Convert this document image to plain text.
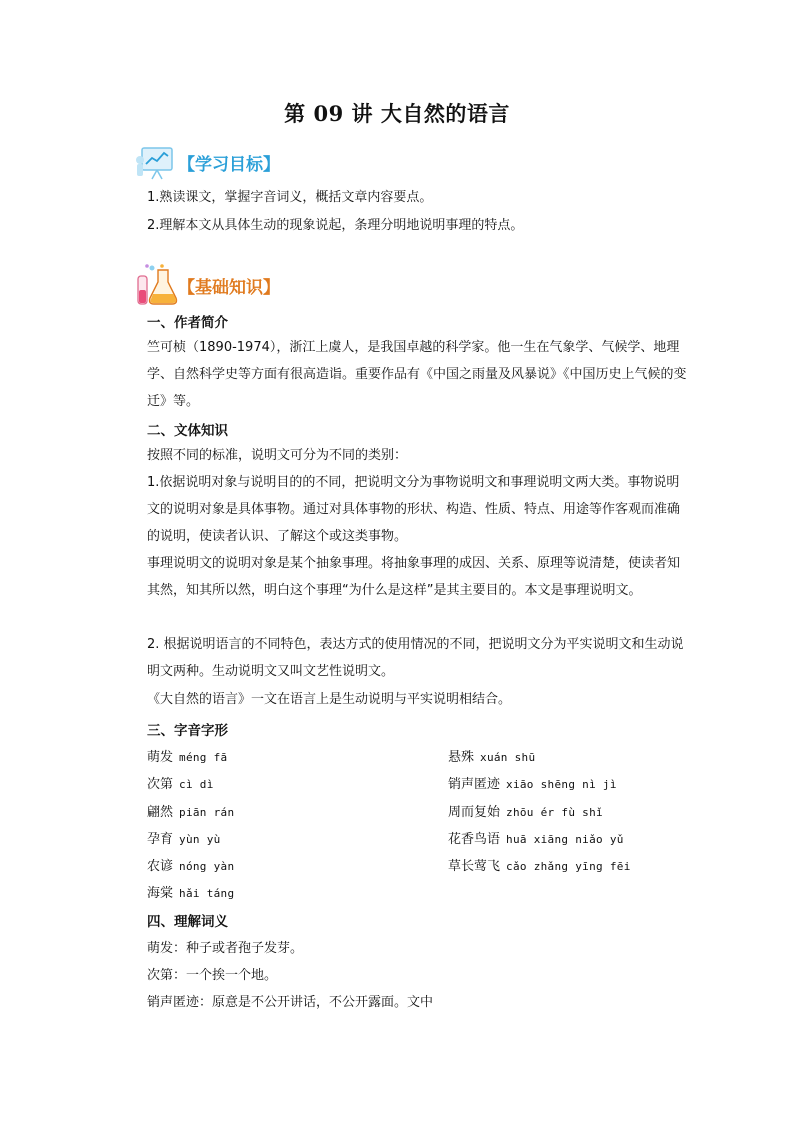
第 09 讲 大自然的语言
【学习目标】
1.熟读课文，掌握字音词义，概括文章内容要点。
2.理解本文从具体生动的现象说起，条理分明地说明事理的特点。
【基础知识】
一、作者简介

竺可桢（1890-1974），浙江上虞人，是我国卓越的科学家。他一生在气象学、气候学、地理学、自然科学史等方面有很高造诣。重要作品有《中国之雨量及风暴说》《中国历史上气候的变迁》等。

二、文体知识

按照不同的标准，说明文可分为不同的类别：

1.依据说明对象与说明目的的不同，把说明文分为事物说明文和事理说明文两大类。事物说明文的说明对象是具体事物。通过对具体事物的形状、构造、性质、特点、用途等作客观而准确的说明，使读者认识、了解这个或这类事物。

事理说明文的说明对象是某个抽象事理。将抽象事理的成因、关系、原理等说清楚，使读者知其然，知其所以然，明白这个事理“为什么是这样”是其主要目的。本文是事理说明文。

2. 根据说明语言的不同特色，表达方式的使用情况的不同，把说明文分为平实说明文和生动说明文两种。生动说明文又叫文艺性说明文。

《大自然的语言》一文在语言上是生动说明与平实说明相结合。

三、字音字形
萌发 méng fā
次第 cì dì
翩然 piān rán
孕育 yùn yù
农谚 nóng yàn
海棠 hǎi táng
悬殊 xuán shū
销声匿迹 xiāo shēng nì jì
周而复始 zhōu ér fù shǐ
花香鸟语 huā xiāng niǎo yǔ
草长莺飞 cǎo zhǎng yīng fēi
四、理解词义
萌发：种子或者孢子发芽。
次第：一个挨一个地。
销声匿迹：原意是不公开讲话，不公开露面。文中
